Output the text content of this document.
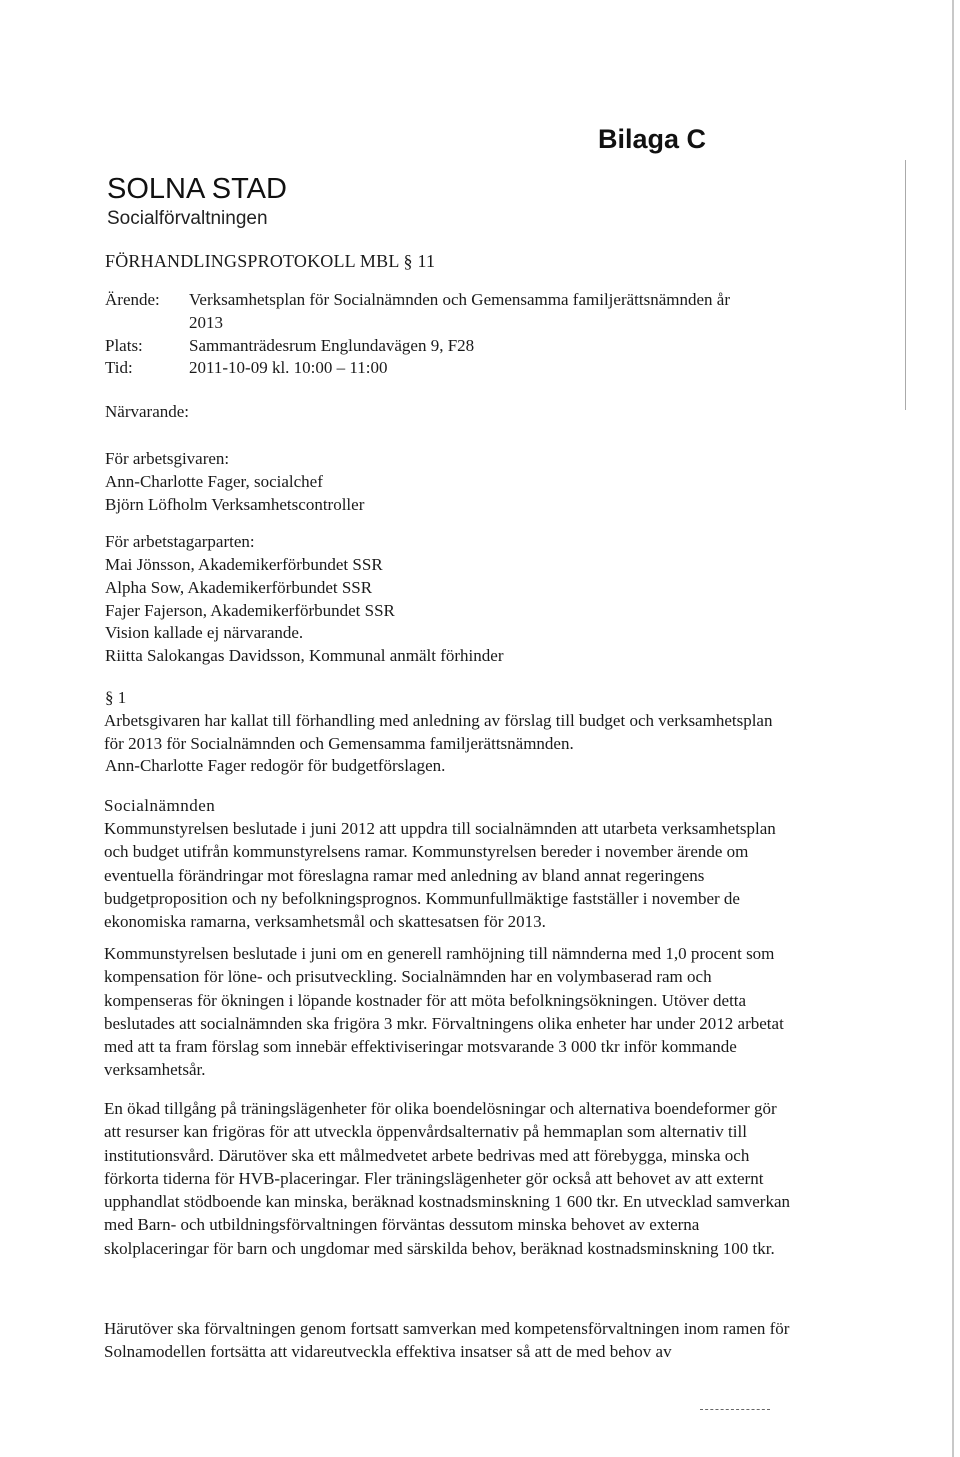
Bilaga C
SOLNA STAD
Socialförvaltningen
FÖRHANDLINGSPROTOKOLL MBL § 11
Ärende: Verksamhetsplan för Socialnämnden och Gemensamma familjerättsnämnden år
2013
Plats:	Sammanträdesrum Englundavägen 9, F28
Tid:	2011-10-09 kl. 10:00 – 11:00
Närvarande:
För arbetsgivaren:
Ann-Charlotte Fager, socialchef
Björn Löfholm Verksamhetscontroller
För arbetstagarparten:
Mai Jönsson, Akademikerförbundet SSR
Alpha Sow, Akademikerförbundet SSR
Fajer Fajerson, Akademikerförbundet SSR
Vision kallade ej närvarande.
Riitta Salokangas Davidsson, Kommunal anmält förhinder
§ 1
Arbetsgivaren har kallat till förhandling med anledning av förslag till budget och verksamhetsplan för 2013 för Socialnämnden och Gemensamma familjerättsnämnden.
Ann-Charlotte Fager redogör för budgetförslagen.
Socialnämnden
Kommunstyrelsen beslutade i juni 2012 att uppdra till socialnämnden att utarbeta verksamhetsplan och budget utifrån kommunstyrelsens ramar. Kommunstyrelsen bereder i november ärende om eventuella förändringar mot föreslagna ramar med anledning av bland annat regeringens budgetproposition och ny befolkningsprognos. Kommunfullmäktige fastställer i november de ekonomiska ramarna, verksamhetsmål och skattesatsen för 2013.
Kommunstyrelsen beslutade i juni om en generell ramhöjning till nämnderna med 1,0 procent som kompensation för löne- och prisutveckling. Socialnämnden har en volymbaserad ram och kompenseras för ökningen i löpande kostnader för att möta befolkningsökningen. Utöver detta beslutades att socialnämnden ska frigöra 3 mkr. Förvaltningens olika enheter har under 2012 arbetat med att ta fram förslag som innebär effektiviseringar motsvarande 3 000 tkr inför kommande verksamhetsår.
En ökad tillgång på träningslägenheter för olika boendelösningar och alternativa boendeformer gör att resurser kan frigöras för att utveckla öppenvårdsalternativ på hemmaplan som alternativ till institutionsvård. Därutöver ska ett målmedvetet arbete bedrivas med att förebygga, minska och förkorta tiderna för HVB-placeringar. Fler träningslägenheter gör också att behovet av att externt upphandlat stödboende kan minska, beräknad kostnadsminskning 1 600 tkr. En utvecklad samverkan med Barn- och utbildningsförvaltningen förväntas dessutom minska behovet av externa skolplaceringar för barn och ungdomar med särskilda behov, beräknad kostnadsminskning 100 tkr.
Härutöver ska förvaltningen genom fortsatt samverkan med kompetensförvaltningen inom ramen för Solnamodellen fortsätta att vidareutveckla effektiva insatser så att de med behov av
